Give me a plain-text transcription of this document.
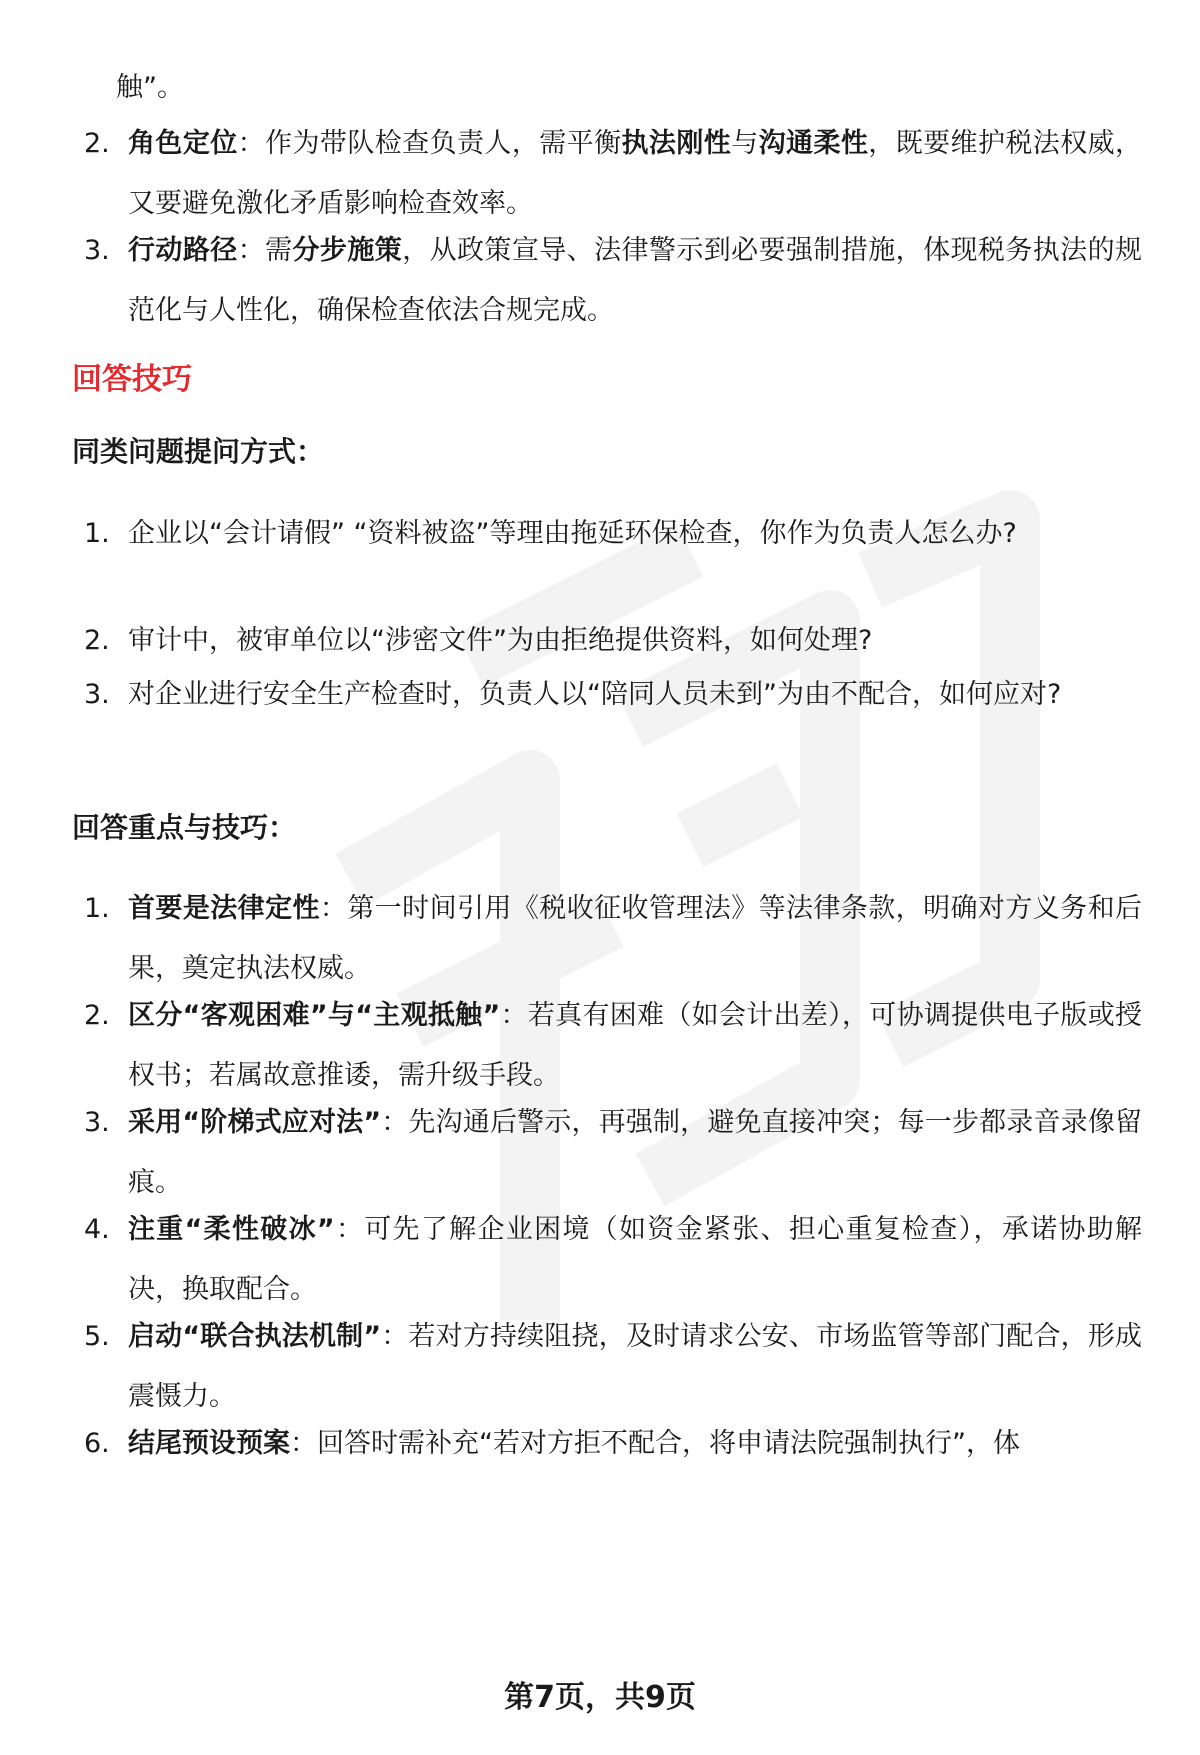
触”。
2. 角色定位：作为带队检查负责人，需平衡执法刚性与沟通柔性，既要维护税法权威，又要避免激化矛盾影响检查效率。
3. 行动路径：需分步施策，从政策宣导、法律警示到必要强制措施，体现税务执法的规范化与人性化，确保检查依法合规完成。
回答技巧
同类问题提问方式：
1. 企业以“会计请假” “资料被盗”等理由拖延环保检查，你作为负责人怎么办?
2. 审计中，被审单位以“涉密文件”为由拒绝提供资料，如何处理?
3. 对企业进行安全生产检查时，负责人以“陪同人员未到”为由不配合，如何应对?
回答重点与技巧：
1. 首要是法律定性：第一时间引用《税收征收管理法》等法律条款，明确对方义务和后果，奠定执法权威。
2. 区分“客观困难”与“主观抵触”：若真有困难（如会计出差），可协调提供电子版或授权书；若属故意推诿，需升级手段。
3. 采用“阶梯式应对法”：先沟通后警示，再强制，避免直接冲突；每一步都录音录像留痕。
4. 注重“柔性破冰”：可先了解企业困境（如资金紧张、担心重复检查），承诺协助解决，换取配合。
5. 启动“联合执法机制”：若对方持续阻挠，及时请求公安、市场监管等部门配合，形成震慑力。
6. 结尾预设预案：回答时需补充“若对方拒不配合，将申请法院强制执行”，体
第7页，共9页
